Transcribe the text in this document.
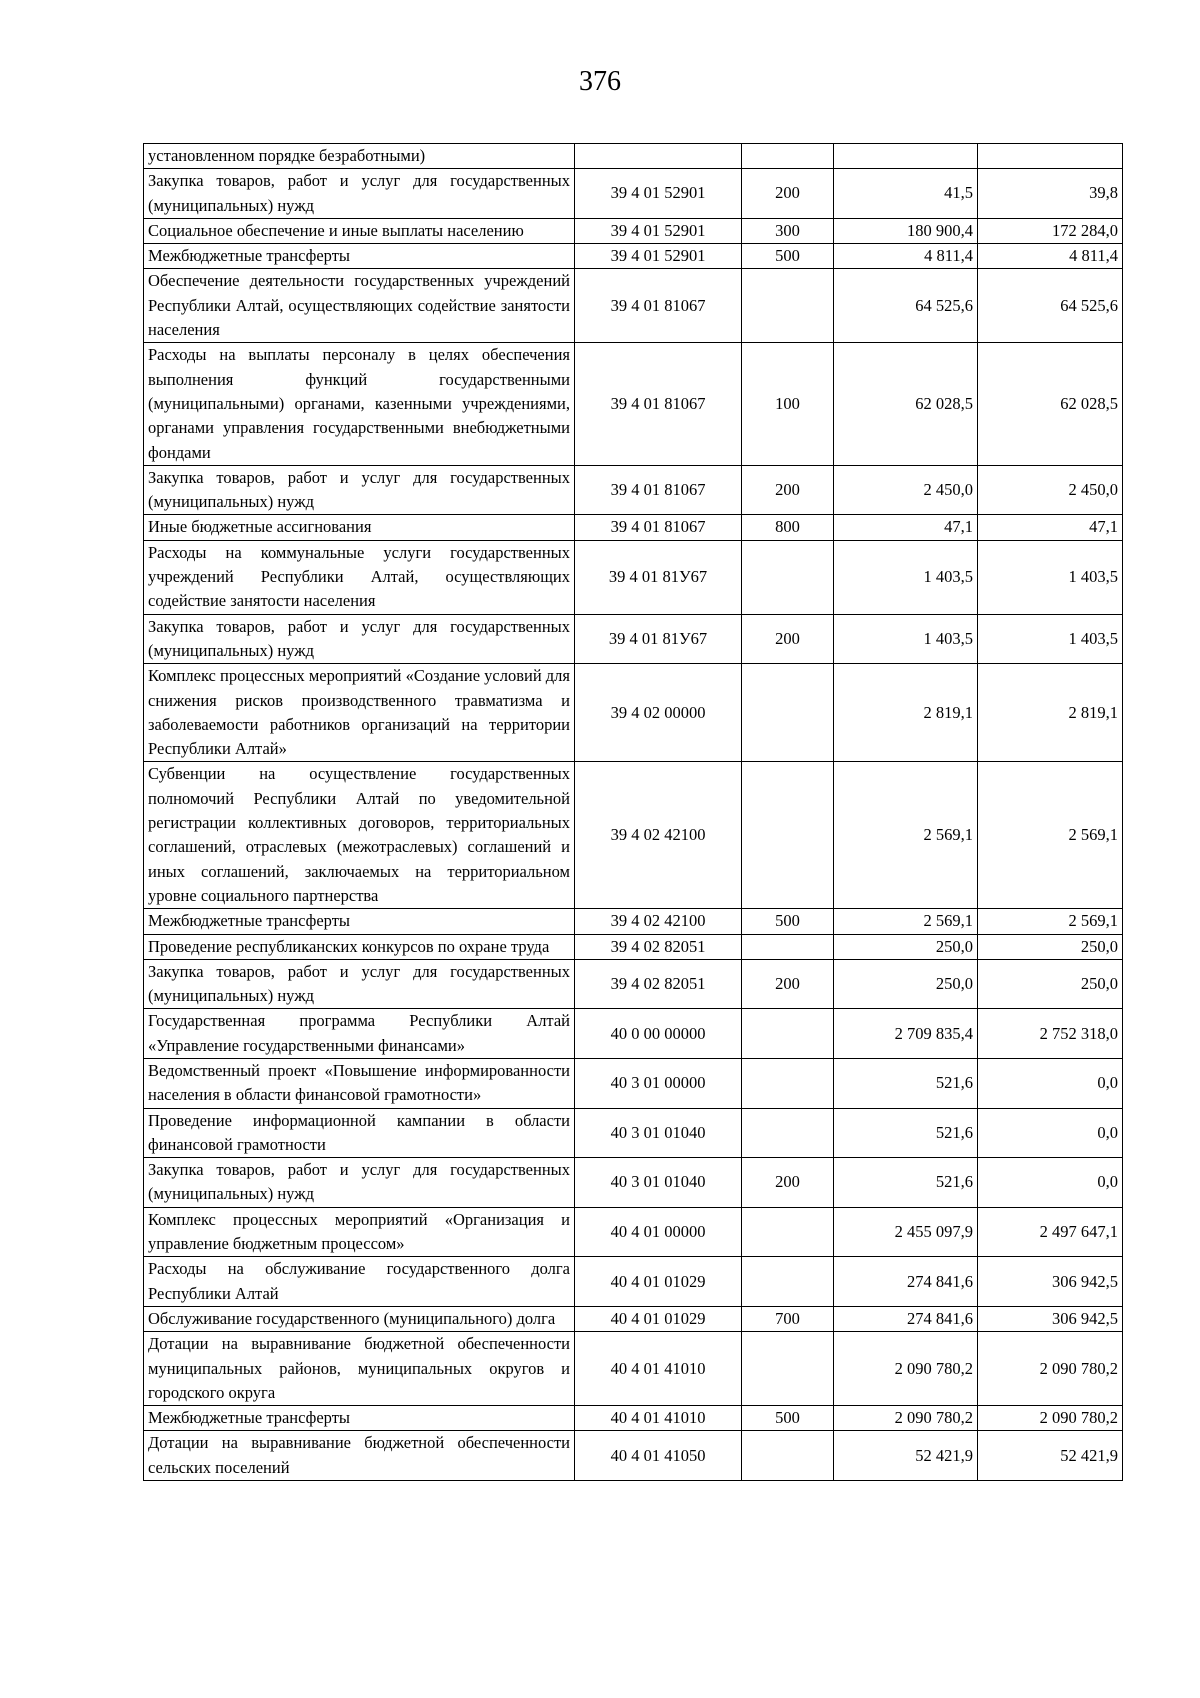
376
установленном порядке безработными)				
Закупка товаров, работ и услуг для государственных (муниципальных) нужд	39 4 01 52901	200	41,5	39,8
Социальное обеспечение и иные выплаты населению	39 4 01 52901	300	180 900,4	172 284,0
Межбюджетные трансферты	39 4 01 52901	500	4 811,4	4 811,4
Обеспечение деятельности государственных учреждений Республики Алтай, осуществляющих содействие занятости населения	39 4 01 81067		64 525,6	64 525,6
Расходы на выплаты персоналу в целях обеспечения выполнения функций государственными (муниципальными) органами, казенными учреждениями, органами управления государственными внебюджетными фондами	39 4 01 81067	100	62 028,5	62 028,5
Закупка товаров, работ и услуг для государственных (муниципальных) нужд	39 4 01 81067	200	2 450,0	2 450,0
Иные бюджетные ассигнования	39 4 01 81067	800	47,1	47,1
Расходы на коммунальные услуги государственных учреждений Республики Алтай, осуществляющих содействие занятости населения	39 4 01 81У67		1 403,5	1 403,5
Закупка товаров, работ и услуг для государственных (муниципальных) нужд	39 4 01 81У67	200	1 403,5	1 403,5
Комплекс процессных мероприятий «Создание условий для снижения рисков производственного травматизма и заболеваемости работников организаций на территории Республики Алтай»	39 4 02 00000		2 819,1	2 819,1
Субвенции на осуществление государственных полномочий Республики Алтай по уведомительной регистрации коллективных договоров, территориальных соглашений, отраслевых (межотраслевых) соглашений и иных соглашений, заключаемых на территориальном уровне социального партнерства	39 4 02 42100		2 569,1	2 569,1
Межбюджетные трансферты	39 4 02 42100	500	2 569,1	2 569,1
Проведение республиканских конкурсов по охране труда	39 4 02 82051		250,0	250,0
Закупка товаров, работ и услуг для государственных (муниципальных) нужд	39 4 02 82051	200	250,0	250,0
Государственная программа Республики Алтай «Управление государственными финансами»	40 0 00 00000		2 709 835,4	2 752 318,0
Ведомственный проект «Повышение информированности населения в области финансовой грамотности»	40 3 01 00000		521,6	0,0
Проведение информационной кампании в области финансовой грамотности	40 3 01 01040		521,6	0,0
Закупка товаров, работ и услуг для государственных (муниципальных) нужд	40 3 01 01040	200	521,6	0,0
Комплекс процессных мероприятий «Организация и управление бюджетным процессом»	40 4 01 00000		2 455 097,9	2 497 647,1
Расходы на обслуживание государственного долга Республики Алтай	40 4 01 01029		274 841,6	306 942,5
Обслуживание государственного (муниципального) долга	40 4 01 01029	700	274 841,6	306 942,5
Дотации на выравнивание бюджетной обеспеченности муниципальных районов, муниципальных округов и городского округа	40 4 01 41010		2 090 780,2	2 090 780,2
Межбюджетные трансферты	40 4 01 41010	500	2 090 780,2	2 090 780,2
Дотации на выравнивание бюджетной обеспеченности сельских поселений	40 4 01 41050		52 421,9	52 421,9
